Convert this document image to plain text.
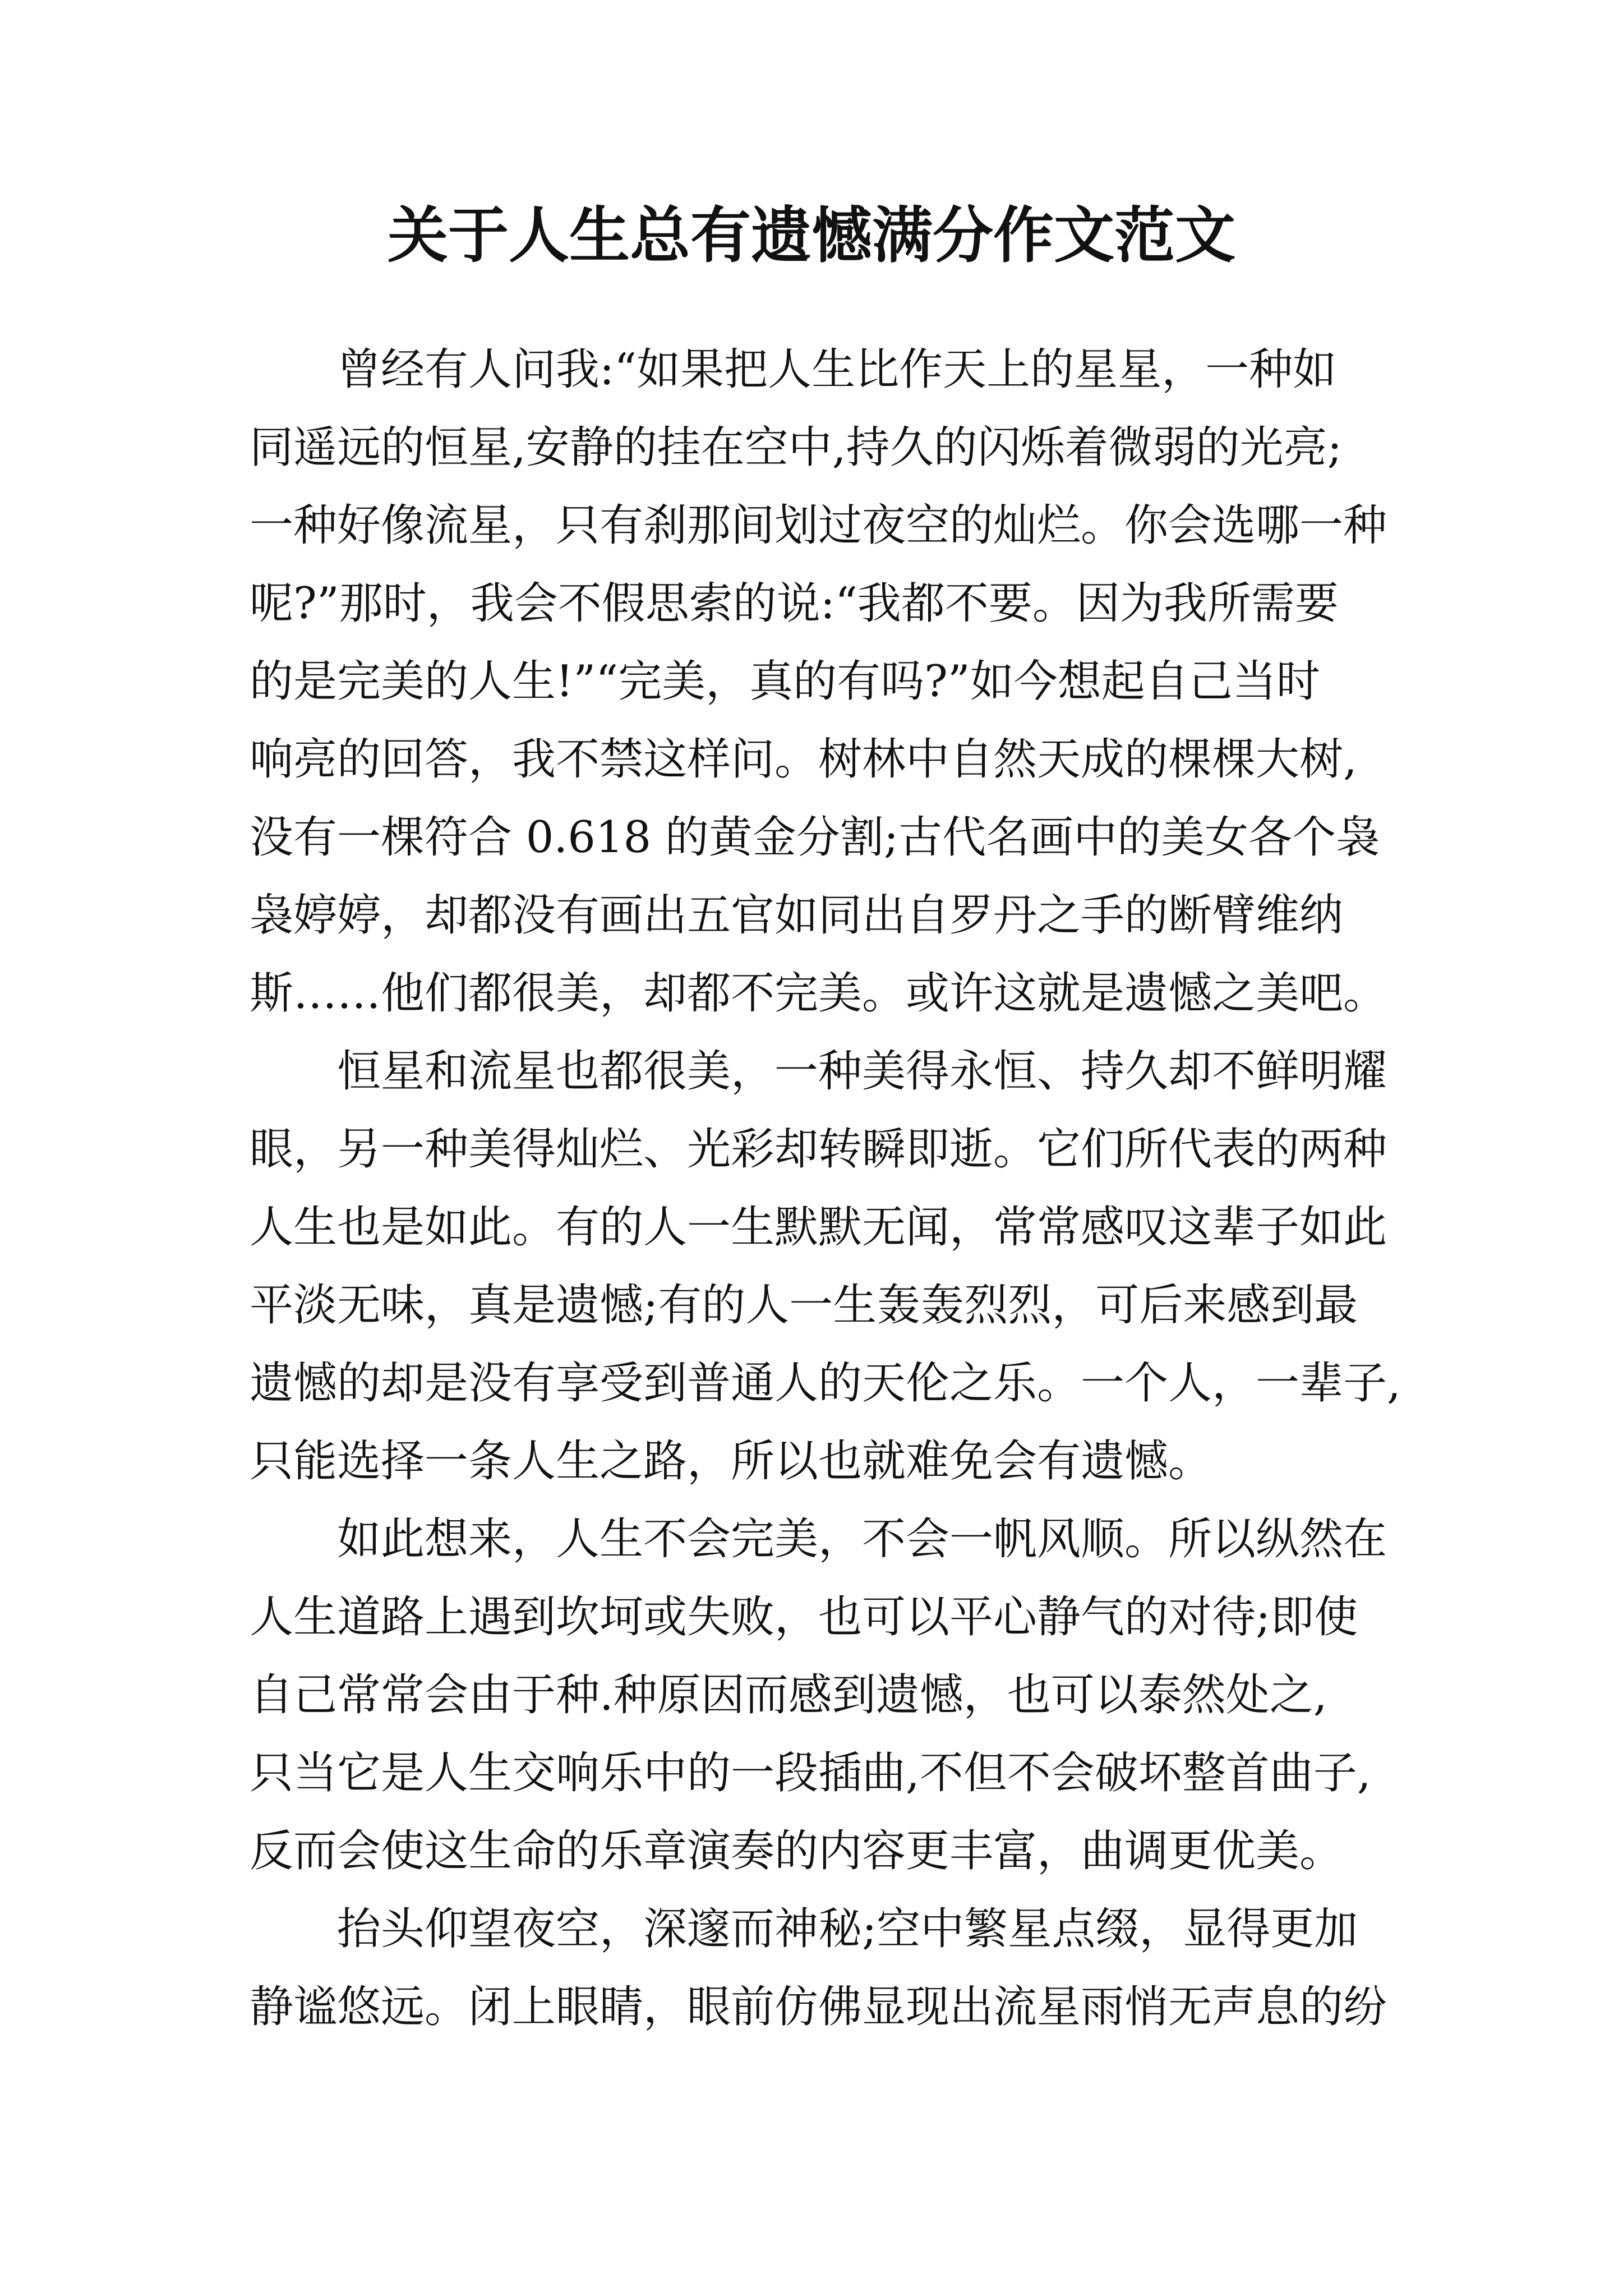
关于人生总有遗憾满分作文范文
曾经有人问我:“如果把人生比作天上的星星，一种如
同遥远的恒星,安静的挂在空中,持久的闪烁着微弱的光亮;
一种好像流星，只有刹那间划过夜空的灿烂。你会选哪一种
呢?”那时，我会不假思索的说:“我都不要。因为我所需要
的是完美的人生!”“完美，真的有吗?”如今想起自己当时
响亮的回答，我不禁这样问。树林中自然天成的棵棵大树,
没有一棵符合 0.618 的黄金分割;古代名画中的美女各个袅
袅婷婷，却都没有画出五官如同出自罗丹之手的断臂维纳
斯……他们都很美，却都不完美。或许这就是遗憾之美吧。
恒星和流星也都很美，一种美得永恒、持久却不鲜明耀
眼，另一种美得灿烂、光彩却转瞬即逝。它们所代表的两种
人生也是如此。有的人一生默默无闻，常常感叹这辈子如此
平淡无味，真是遗憾;有的人一生轰轰烈烈，可后来感到最
遗憾的却是没有享受到普通人的天伦之乐。一个人，一辈子,
只能选择一条人生之路，所以也就难免会有遗憾。
如此想来，人生不会完美，不会一帆风顺。所以纵然在
人生道路上遇到坎坷或失败，也可以平心静气的对待;即使
自己常常会由于种.种原因而感到遗憾，也可以泰然处之,
只当它是人生交响乐中的一段插曲,不但不会破坏整首曲子,
反而会使这生命的乐章演奏的内容更丰富，曲调更优美。
抬头仰望夜空，深邃而神秘;空中繁星点缀，显得更加
静谧悠远。闭上眼睛，眼前仿佛显现出流星雨悄无声息的纷
